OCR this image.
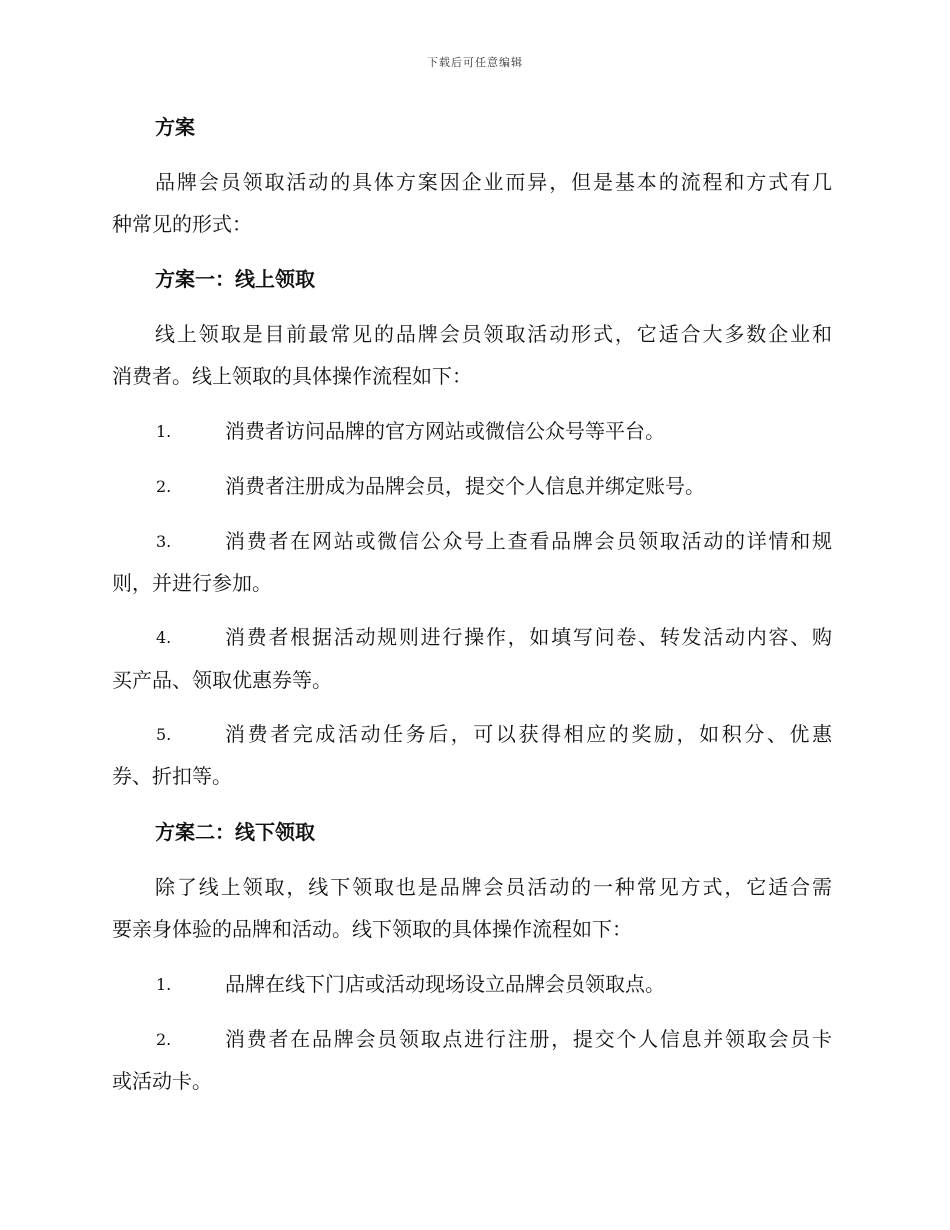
下载后可任意编辑
方案
品牌会员领取活动的具体方案因企业而异，但是基本的流程和方式有几
种常见的形式：
方案一：线上领取
线上领取是目前最常见的品牌会员领取活动形式，它适合大多数企业和
消费者。线上领取的具体操作流程如下：
1.	消费者访问品牌的官方网站或微信公众号等平台。
2.	消费者注册成为品牌会员，提交个人信息并绑定账号。
3.	消费者在网站或微信公众号上查看品牌会员领取活动的详情和规
则，并进行参加。
4.	消费者根据活动规则进行操作，如填写问卷、转发活动内容、购
买产品、领取优惠券等。
5.	消费者完成活动任务后，可以获得相应的奖励，如积分、优惠
券、折扣等。
方案二：线下领取
除了线上领取，线下领取也是品牌会员活动的一种常见方式，它适合需
要亲身体验的品牌和活动。线下领取的具体操作流程如下：
1.	品牌在线下门店或活动现场设立品牌会员领取点。
2.	消费者在品牌会员领取点进行注册，提交个人信息并领取会员卡
或活动卡。
